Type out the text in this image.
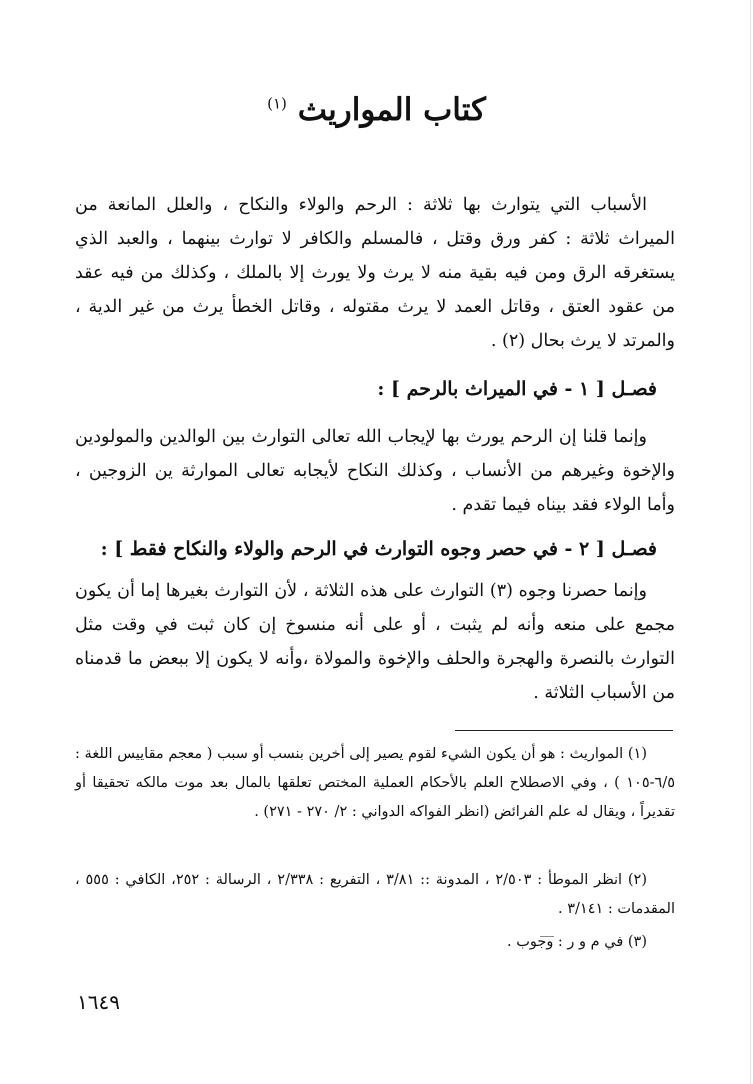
كتاب المواريث $^{(١)}$

الأسباب التي يتوارث بها ثلاثة : الرحم والولاء والنكاح ، والعلل المانعة من الميراث ثلاثة : كفر ورق وقتل ، فالمسلم والكافر لا توارث بينهما ، والعبد الذي يستغرقه الرق ومن فيه بقية منه لا يرث ولا يورث إلا بالملك ، وكذلك من فيه عقد من عقود العتق ، وقاتل العمد لا يرث مقتوله ، وقاتل الخطأ يرث من غير الدية ، والمرتد لا يرث بحال (٢) .

فصـل [ ١ - في الميراث بالرحم ] :

وإنما قلنا إن الرحم يورث بها لإيجاب الله تعالى التوارث بين الوالدين والمولودين والإخوة وغيرهم من الأنساب ، وكذلك النكاح لأيجابه تعالى الموارثة ين الزوجين ، وأما الولاء فقد بيناه فيما تقدم .

فصـل [ ٢ - في حصر وجوه التوارث في الرحم والولاء والنكاح فقط ] :

وإنما حصرنا وجوه (٣) التوارث على هذه الثلاثة ، لأن التوارث بغيرها إما أن يكون مجمع على منعه وأنه لم يثبت ، أو على أنه منسوخ إن كان ثبت في وقت مثل التوارث بالنصرة والهجرة والحلف والإخوة والمولاة ،وأنه لا يكون إلا ببعض ما قدمناه من الأسباب الثلاثة .

(١) المواريث : هو أن يكون الشيء لقوم يصير إلى أخرين بنسب أو سبب ( معجم مقاييس اللغة : ٦/٥-١٠٥ ) ، وفي الاصطلاح العلم بالأحكام العملية المختص تعلقها بالمال بعد موت مالكه تحقيقا أو تقديراً ، ويقال له علم الفرائض (انظر الفواكه الدواني : ٢/ ٢٧٠ - ٢٧١) .

(٢) انظر الموطأ : ٢/٥٠٣ ، المدونة :: ٣/٨١ ، التفريع : ٢/٣٣٨ ، الرسالة : ٢٥٢، الكافي : ٥٥٥ ، المقدمات : ٣/١٤١ .

(٣) في م و ر : وجوب .

١٦٤٩
